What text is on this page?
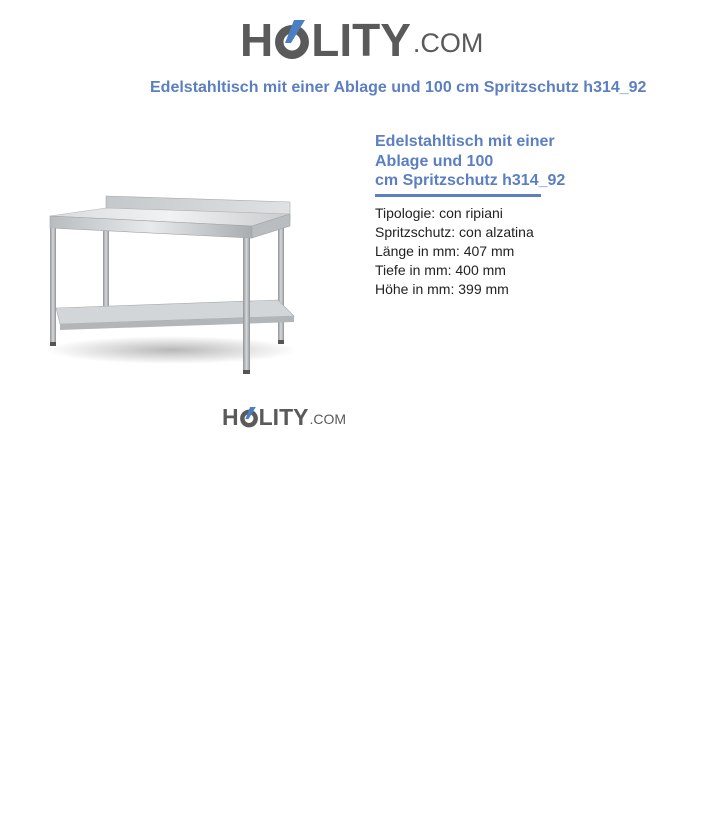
H LITY .COM
Edelstahltisch mit einer Ablage und 100 cm Spritzschutz h314_92
H LITY .COM
Edelstahltisch mit einer
Ablage und 100
cm Spritzschutz h314_92
Tipologie: con ripiani
Spritzschutz: con alzatina
Länge in mm: 407 mm
Tiefe in mm: 400 mm
Höhe in mm: 399 mm
